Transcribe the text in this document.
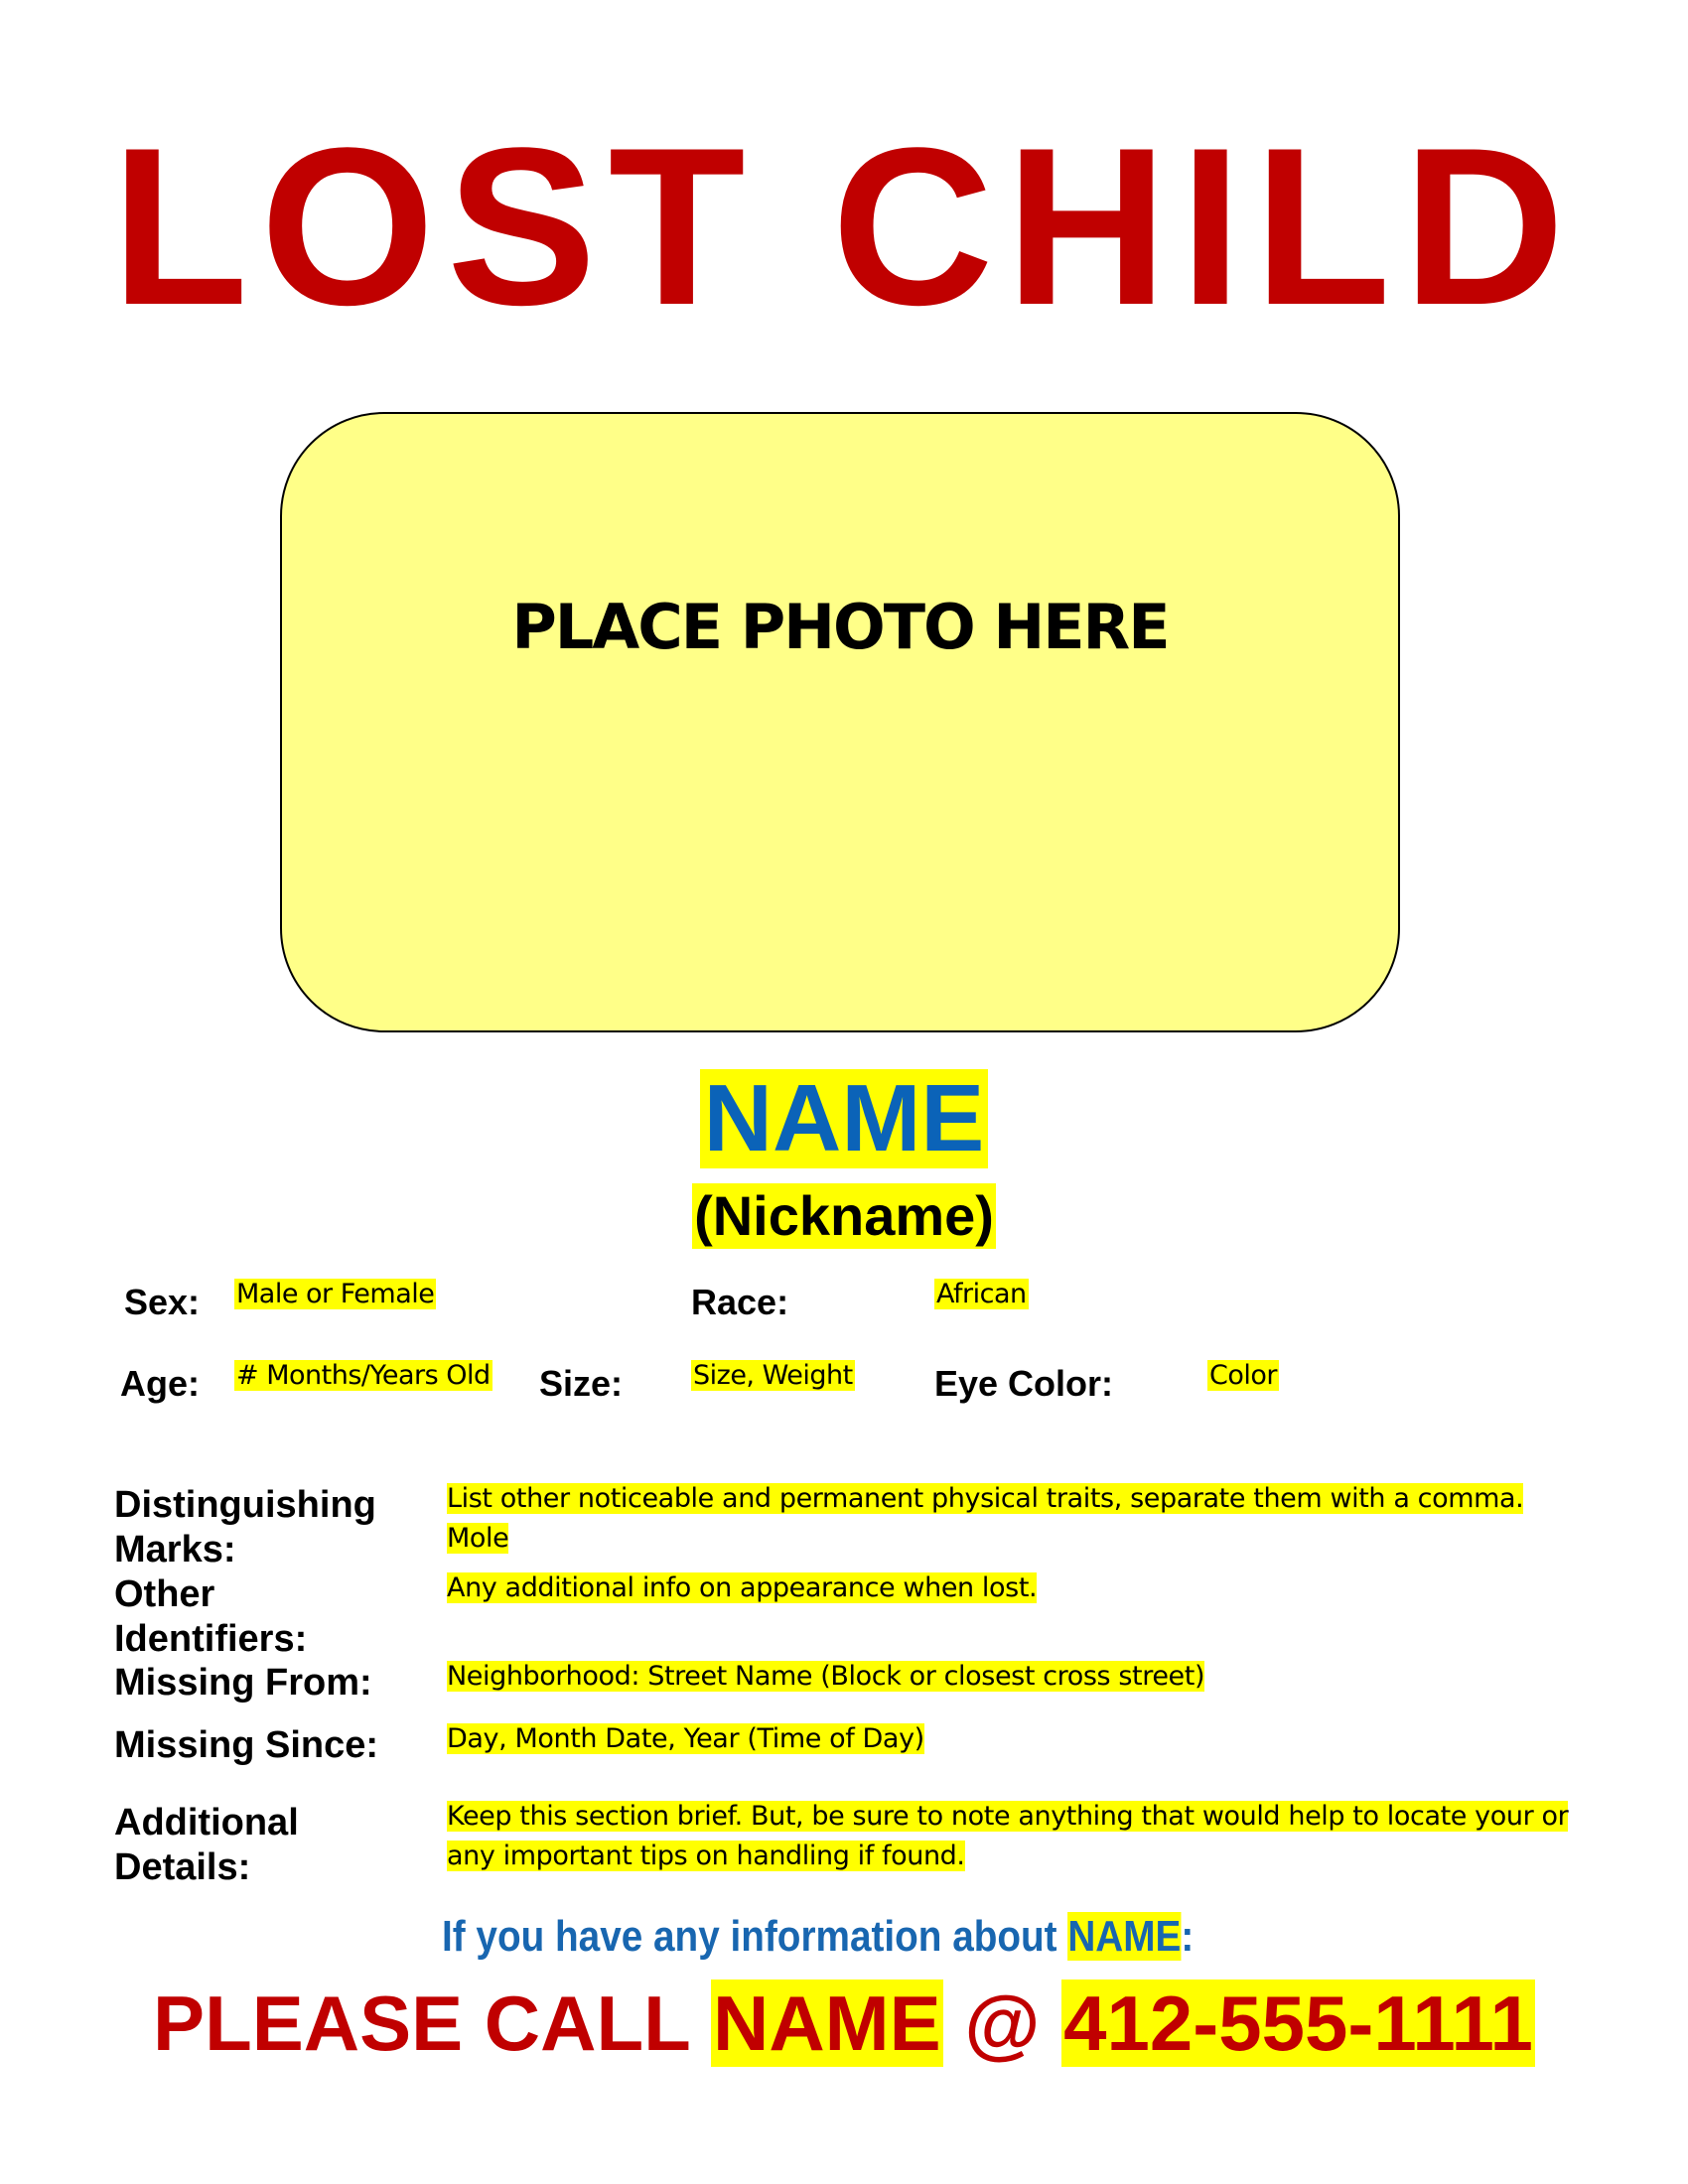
LOST CHILD
PLACE PHOTO HERE
NAME
(Nickname)
Sex: Male or Female	Race:	African
Age: # Months/Years Old Size:	Size, Weight Eye Color:	Color
Distinguishing Marks:
List other noticeable and permanent physical traits, separate them with a comma. Mole
Other Identifiers:
Any additional info on appearance when lost.
Missing From:	Neighborhood: Street Name (Block or closest cross street)
Missing Since:	Day, Month Date, Year (Time of Day)
Additional Details:
Keep this section brief. But, be sure to note anything that would help to locate your or any important tips on handling if found.
If you have any information about NAME:
PLEASE CALL NAME @ 412-555-1111
